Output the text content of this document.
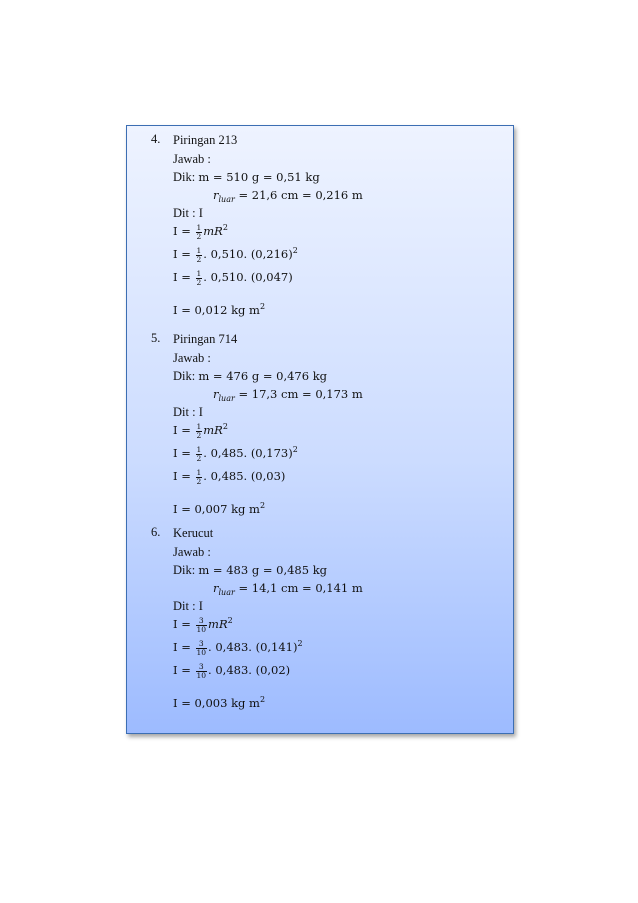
4. Piringan 213
Jawab :
Dik: m = 510 g = 0,51 kg
$r_{luar} = 21,6$ cm = 0,216 m
Dit : I
$I = \frac{1}{2} mR^2$
$I = \frac{1}{2}$ . 0,510. $(0,216)^2$
$I = \frac{1}{2}$ . 0,510. (0,047)
I = 0,012 kg $m^2$
5. Piringan 714
Jawab :
Dik: m = 476 g = 0,476 kg
$r_{luar} = 17,3$ cm = 0,173 m
Dit : I
$I = \frac{1}{2} mR^2$
$I = \frac{1}{2}$ . 0,485. $(0,173)^2$
$I = \frac{1}{2}$ . 0,485. (0,03)
I = 0,007 kg $m^2$
6. Kerucut
Jawab :
Dik: m = 483 g = 0,485 kg
$r_{luar} = 14,1$ cm = 0,141 m
Dit : I
$I = \frac{3}{10} mR^2$
$I = \frac{3}{10}$ . 0,483. $(0,141)^2$
$I = \frac{3}{10}$ . 0,483. (0,02)
I = 0,003 kg $m^2$
